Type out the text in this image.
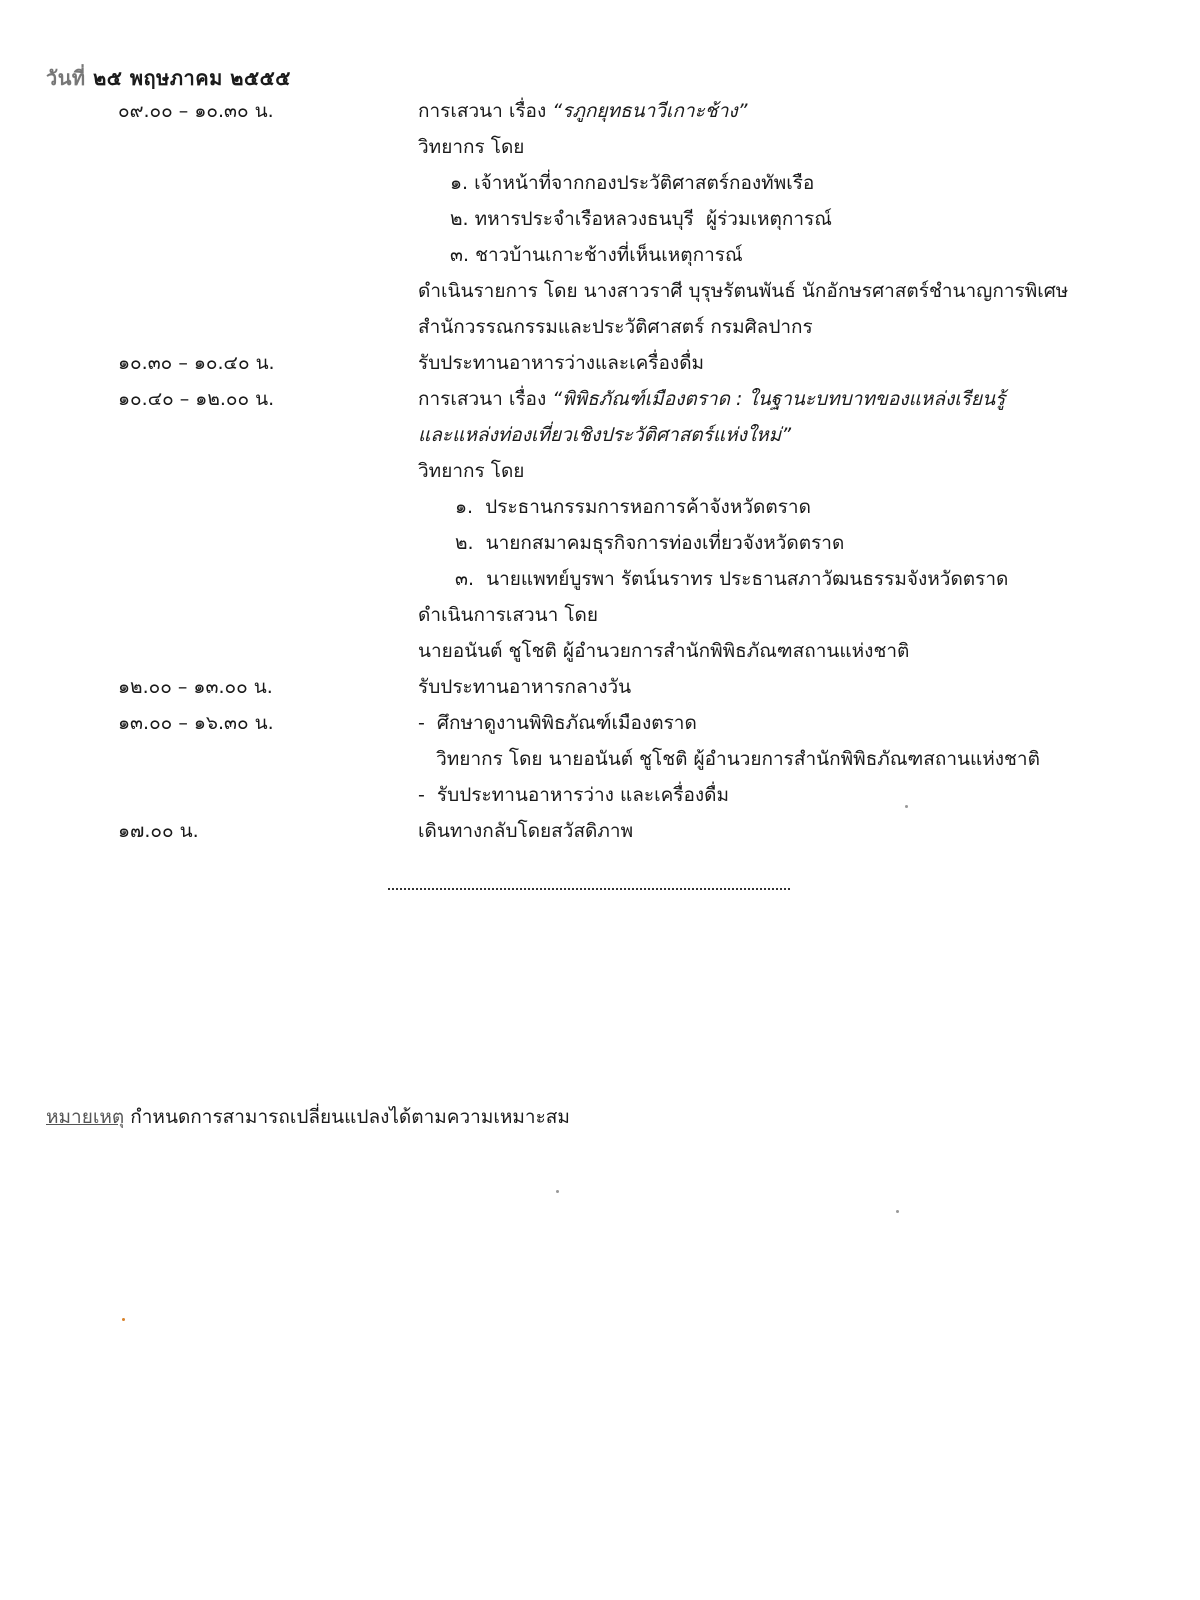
วันที่ ๒๕ พฤษภาคม ๒๕๕๕
๐๙.๐๐ – ๑๐.๓๐ น.	การเสวนา เรื่อง “รภูกยุทธนาวีเกาะช้าง”
วิทยากร โดย
๑. เจ้าหน้าที่จากกองประวัติศาสตร์กองทัพเรือ
๒. ทหารประจำเรือหลวงธนบุรี  ผู้ร่วมเหตุการณ์
๓. ชาวบ้านเกาะช้างที่เห็นเหตุการณ์
ดำเนินรายการ โดย นางสาวราศี บุรุษรัตนพันธ์ นักอักษรศาสตร์ชำนาญการพิเศษ
สำนักวรรณกรรมและประวัติศาสตร์ กรมศิลปากร
๑๐.๓๐ – ๑๐.๔๐ น.	รับประทานอาหารว่างและเครื่องดื่ม
๑๐.๔๐ – ๑๒.๐๐ น.	การเสวนา เรื่อง “พิพิธภัณฑ์เมืองตราด : ในฐานะบทบาทของแหล่งเรียนรู้
และแหล่งท่องเที่ยวเชิงประวัติศาสตร์แห่งใหม่”
วิทยากร โดย
๑.  ประธานกรรมการหอการค้าจังหวัดตราด
๒.  นายกสมาคมธุรกิจการท่องเที่ยวจังหวัดตราด
๓.  นายแพทย์บูรพา รัตน์นราทร ประธานสภาวัฒนธรรมจังหวัดตราด
ดำเนินการเสวนา โดย
นายอนันต์ ชูโชติ ผู้อำนวยการสำนักพิพิธภัณฑสถานแห่งชาติ
๑๒.๐๐ – ๑๓.๐๐ น.	รับประทานอาหารกลางวัน
๑๓.๐๐ – ๑๖.๓๐ น.	-  ศึกษาดูงานพิพิธภัณฑ์เมืองตราด
วิทยากร โดย นายอนันต์ ชูโชติ ผู้อำนวยการสำนักพิพิธภัณฑสถานแห่งชาติ
-  รับประทานอาหารว่าง และเครื่องดื่ม
๑๗.๐๐ น.	เดินทางกลับโดยสวัสดิภาพ
หมายเหตุ กำหนดการสามารถเปลี่ยนแปลงได้ตามความเหมาะสม
